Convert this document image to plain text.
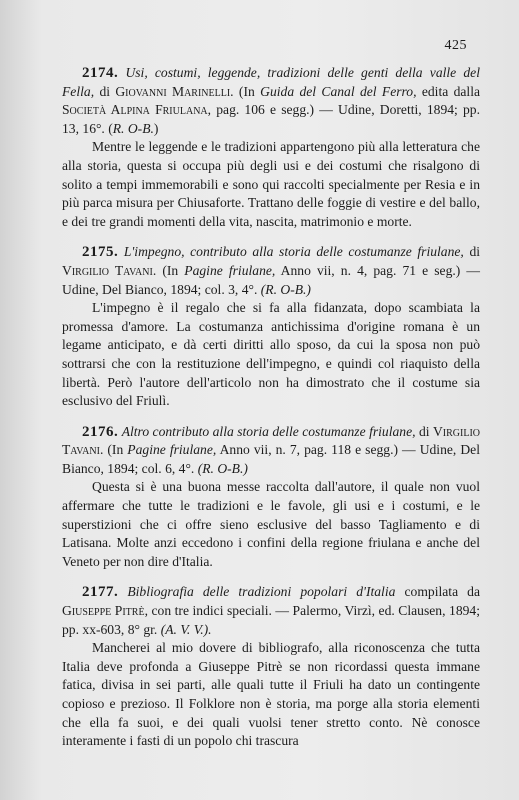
425

2174. Usi, costumi, leggende, tradizioni delle genti della valle del Fella, di Giovanni Marinelli. (In Guida del Canal del Ferro, edita dalla Società Alpina Friulana, pag. 106 e segg.) — Udine, Doretti, 1894; pp. 13, 16°. (R. O-B.)

Mentre le leggende e le tradizioni appartengono più alla letteratura che alla storia, questa si occupa più degli usi e dei costumi che risalgono di solito a tempi immemorabili e sono qui raccolti specialmente per Resia e in più parca misura per Chiusaforte. Trattano delle foggie di vestire e del ballo, e dei tre grandi momenti della vita, nascita, matrimonio e morte.

2175. L'impegno, contributo alla storia delle costumanze friulane, di Virgilio Tavani. (In Pagine friulane, Anno vii, n. 4, pag. 71 e seg.) — Udine, Del Bianco, 1894; col. 3, 4°. (R. O-B.)

L'impegno è il regalo che si fa alla fidanzata, dopo scambiata la promessa d'amore. La costumanza antichissima d'origine romana è un legame anticipato, e dà certi diritti allo sposo, da cui la sposa non può sottrarsi che con la restituzione dell'impegno, e quindi col riaquisto della libertà. Però l'autore dell'articolo non ha dimostrato che il costume sia esclusivo del Friulì.

2176. Altro contributo alla storia delle costumanze friulane, di Virgilio Tavani. (In Pagine friulane, Anno vii, n. 7, pag. 118 e segg.) — Udine, Del Bianco, 1894; col. 6, 4°. (R. O-B.)

Questa si è una buona messe raccolta dall'autore, il quale non vuol affermare che tutte le tradizioni e le favole, gli usi e i costumi, e le superstizioni che ci offre sieno esclusive del basso Tagliamento e di Latisana. Molte anzi eccedono i confini della regione friulana e anche del Veneto per non dire d'Italia.

2177. Bibliografia delle tradizioni popolari d'Italia compilata da Giuseppe Pitrè, con tre indici speciali. — Palermo, Virzì, ed. Clausen, 1894; pp. xx-603, 8° gr. (A. V. V.).

Mancherei al mio dovere di bibliografo, alla riconoscenza che tutta Italia deve profonda a Giuseppe Pitrè se non ricordassi questa immane fatica, divisa in sei parti, alle quali tutte il Friuli ha dato un contingente copioso e prezioso. Il Folklore non è storia, ma porge alla storia elementi che ella fa suoi, e dei quali vuolsi tener stretto conto. Nè conosce interamente i fasti di un popolo chi trascura
